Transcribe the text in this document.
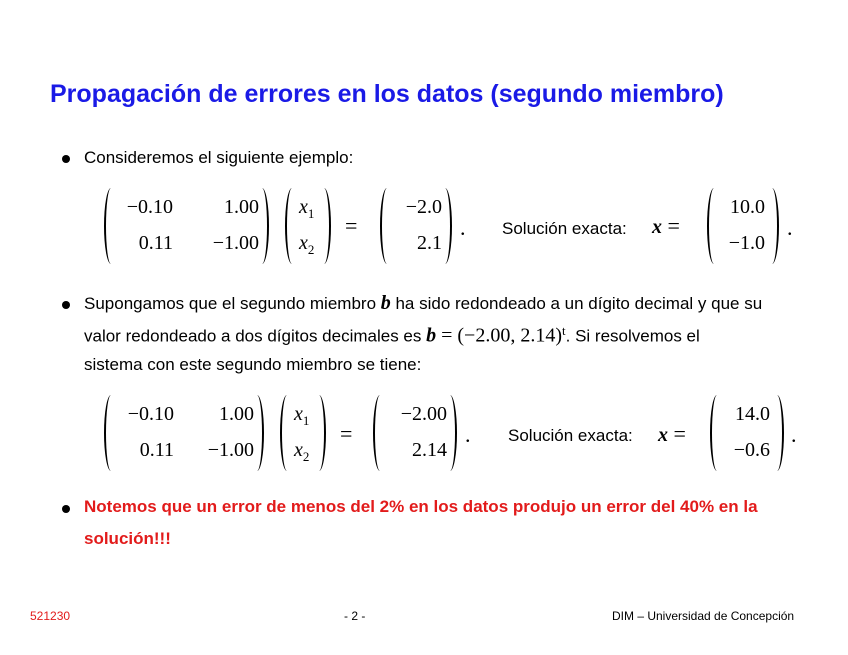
Propagación de errores en los datos (segundo miembro)
Consideremos el siguiente ejemplo:
−0.10	1.00
0.11 −1.00
$x_1$
$x_2$
=
−2.0
2.1
. Solución exacta: x =
10.0
−1.0
.
Supongamos que el segundo miembro b ha sido redondeado a un dígito decimal y que su
valor redondeado a dos dígitos decimales es b = (−2.00, 2.14)$^t$. Si resolvemos el
sistema con este segundo miembro se tiene:
−0.10 1.00
0.11 −1.00
$x_1$
$x_2$
=
−2.00
2.14
. Solución exacta: x =
14.0
−0.6
.
Notemos que un error de menos del 2% en los datos produjo un error del 40% en la
solución!!!
521230	- 2 -	DIM – Universidad de Concepción
